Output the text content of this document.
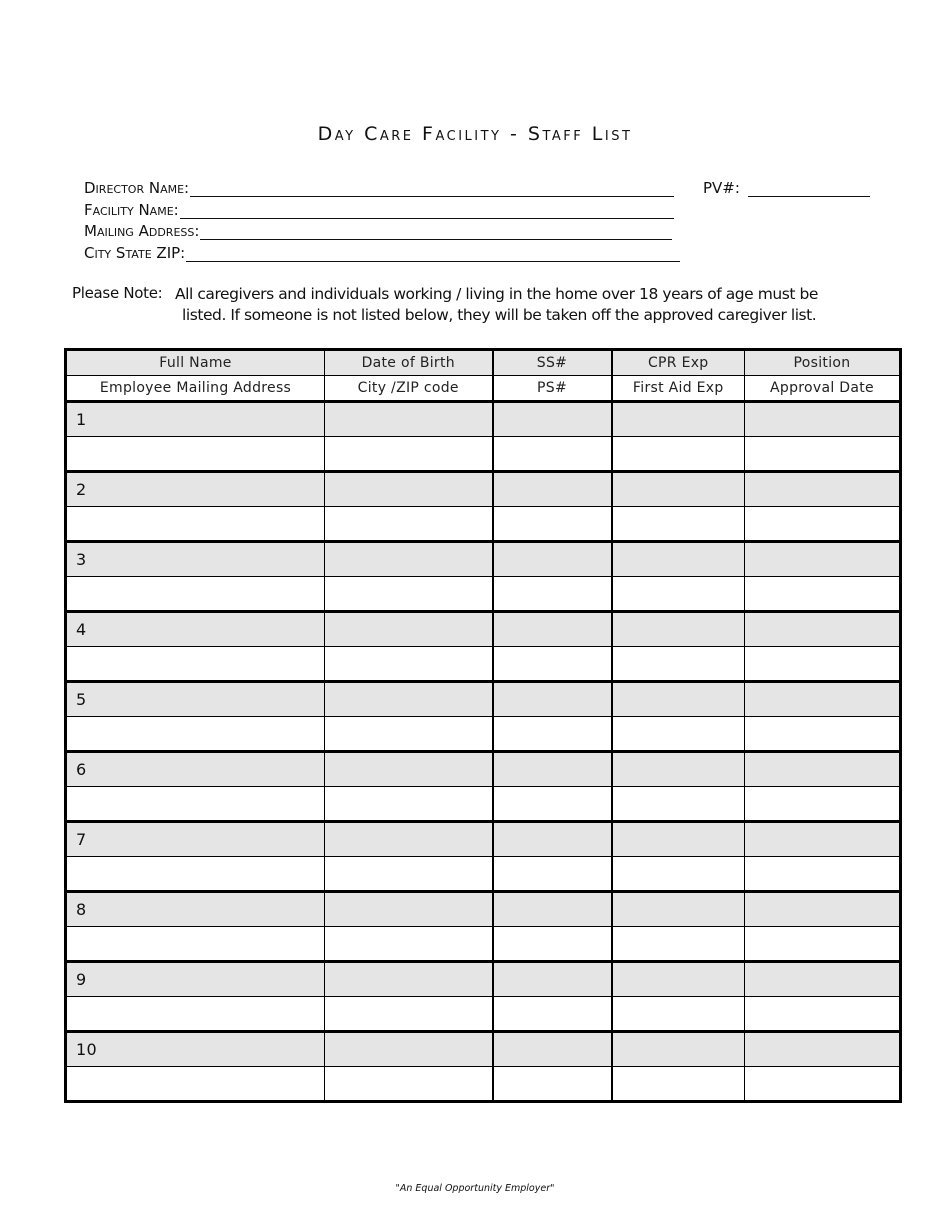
Day Care Facility - Staff List
Director Name:	PV#:
Facility Name:
Mailing Address:
City State ZIP:
Please Note: All caregivers and individuals working / living in the home over 18 years of age must be
listed. If someone is not listed below, they will be taken off the approved caregiver list.
Full Name	Date of Birth	SS#	CPR Exp	Position
Employee Mailing Address	City /ZIP code	PS#	First Aid Exp	Approval Date
1				

2				

3				

4				

5				

6				

7				

8				

9				

10				

"An Equal Opportunity Employer"
